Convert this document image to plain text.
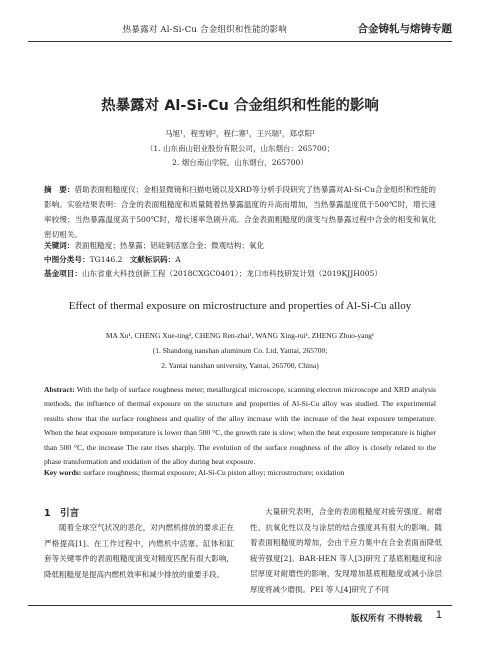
热暴露对 Al-Si-Cu 合金组织和性能的影响	合金铸轧与熔铸专题
热暴露对 Al-Si-Cu 合金组织和性能的影响
马旭¹，程雪婷²，程仁寨¹，王兴瑞¹，郑卓阳¹
（1. 山东南山铝业股份有限公司，山东烟台：265700；
2. 烟台南山学院，山东烟台，265700）
摘　要：借助表面粗糙度仪；金相显微镜和扫描电镜以及XRD等分析手段研究了热暴露对Al-Si-Cu合金组织和性能的影响。实验结果表明：合金的表面粗糙度和质量随着热暴露温度的升高而增加，当热暴露温度低于500℃时，增长速率较慢；当热暴露温度高于500℃时，增长速率急剧升高。合金表面粗糙度的演变与热暴露过程中合金的相变和氧化密切相关。
关键词：表面粗糙度；热暴露；铝硅铜活塞合金；微观结构；氧化
中图分类号：TG146.2 文献标识码：A
基金项目：山东省重大科技创新工程（2018CXGC0401）；龙口市科技研发计划（2019KJJH005）
Effect of thermal exposure on microstructure and properties of Al-Si-Cu alloy
MA Xu¹, CHENG Xue-ting², CHENG Ren-zhai¹, WANG Xing-rui¹, ZHENG Zhuo-yang¹
(1. Shandong nanshan aluminum Co. Ltd, Yantai, 265700;
2. Yantai nanshan university, Yantai, 265700, China)
Abstract: With the help of surface roughness meter; metallurgical microscope, scanning electron microscope and XRD analysis methods, the influence of thermal exposure on the structure and properties of Al-Si-Cu alloy was studied. The experimental results show that the surface roughness and quality of the alloy increase with the increase of the heat exposure temperature. When the heat exposure temperature is lower than 500 °C, the growth rate is slow; when the heat exposure temperature is higher than 500 °C, the increase The rate rises sharply. The evolution of the surface roughness of the alloy is closely related to the phase transformation and oxidation of the alloy during heat exposure.
Key words: surface roughness; thermal exposure; Al-Si-Cu piston alloy; microstructure; oxidation
1　引言

随着全球空气状况的恶化，对内燃机排放的要求正在严格提高[1]。在工作过程中，内燃机中活塞、缸体和缸套等关键零件的表面粗糙度演变对精度匹配有很大影响，降低粗糙度是提高内燃机效率和减少排放的重要手段。

大量研究表明，合金的表面粗糙度对疲劳强度、耐磨性、抗氧化性以及与涂层的结合强度具有很大的影响。随着表面粗糙度的增加，会由于应力集中在合金表面而降低疲劳强度[2]。BAR-HEN 等人[3]研究了基底粗糙度和涂层厚度对耐磨性的影响，发现增加基底粗糙度或减小涂层厚度将减少磨损。PEI 等人[4]研究了不同

版权所有 不得转载 1
